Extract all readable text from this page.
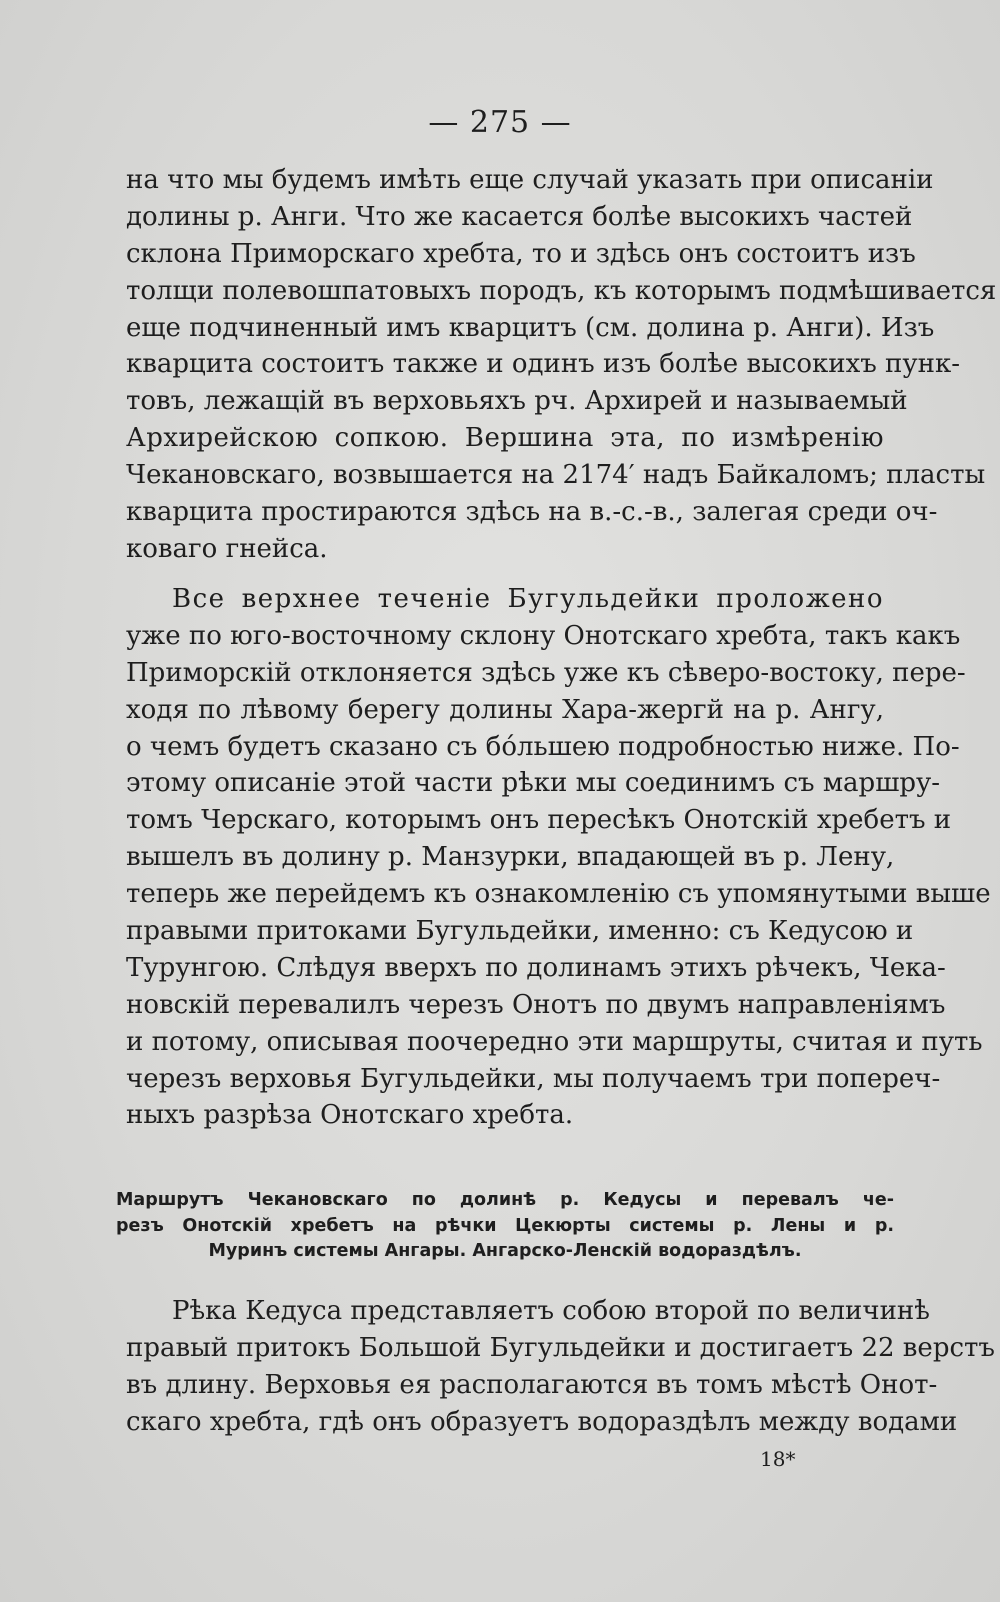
— 275 —
на что мы будемъ имѣть еще случай указать при описаніи
долины р. Анги. Что же касается болѣе высокихъ частей
склона Приморскаго хребта, то и здѣсь онъ состоитъ изъ
толщи полевошпатовыхъ породъ, къ которымъ подмѣшивается
еще подчиненный имъ кварцитъ (см. долина р. Анги). Изъ
кварцита состоитъ также и одинъ изъ болѣе высокихъ пунк-
товъ, лежащій въ верховьяхъ рч. Архирей и называемый
Архирейскою сопкою. Вершина эта, по измѣренію
Чекановскаго, возвышается на 2174′ надъ Байкаломъ; пласты
кварцита простираются здѣсь на в.-с.-в., залегая среди оч-
коваго гнейса.
Все верхнее теченіе Бугульдейки проложено
уже по юго-восточному склону Онотскаго хребта, такъ какъ
Приморскій отклоняется здѣсь уже къ сѣверо-востоку, пере-
ходя по лѣвому берегу долины Хара-жергй на р. Ангу,
о чемъ будетъ сказано съ бо́льшею подробностью ниже. По-
этому описаніе этой части рѣки мы соединимъ съ маршру-
томъ Черскаго, которымъ онъ пересѣкъ Онотскій хребетъ и
вышелъ въ долину р. Манзурки, впадающей въ р. Лену,
теперь же перейдемъ къ ознакомленію съ упомянутыми выше
правыми притоками Бугульдейки, именно: съ Кедусою и
Турунгою. Слѣдуя вверхъ по долинамъ этихъ рѣчекъ, Чека-
новскій перевалилъ черезъ Онотъ по двумъ направленіямъ
и потому, описывая поочередно эти маршруты, считая и путь
черезъ верховья Бугульдейки, мы получаемъ три попереч-
ныхъ разрѣза Онотскаго хребта.
Маршрутъ Чекановскаго по долинѣ р. Кедусы и перевалъ че-
резъ Онотскій хребетъ на рѣчки Цекюрты системы р. Лены и р.
Муринъ системы Ангары. Ангарско-Ленскій водораздѣлъ.
Рѣка Кедуса представляетъ собою второй по величинѣ
правый притокъ Большой Бугульдейки и достигаетъ 22 верстъ
въ длину. Верховья ея располагаются въ томъ мѣстѣ Онот-
скаго хребта, гдѣ онъ образуетъ водораздѣлъ между водами
18*
